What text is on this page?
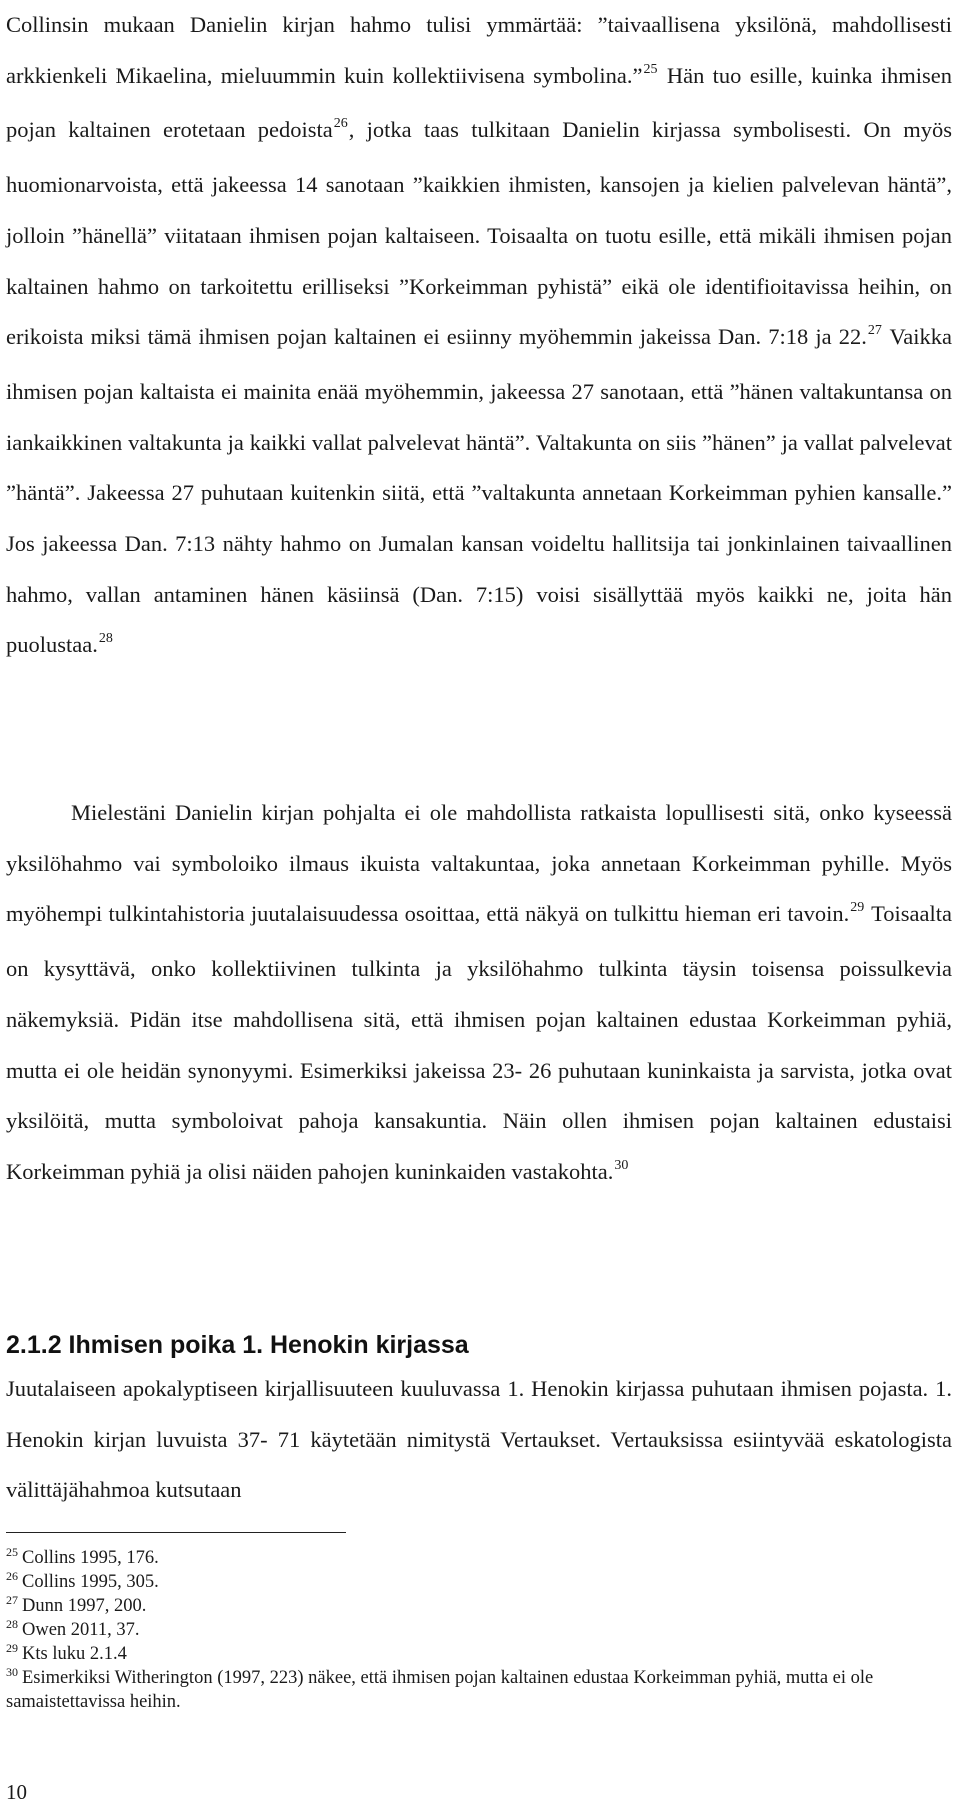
Collinsin mukaan Danielin kirjan hahmo tulisi ymmärtää: ”taivaallisena yksilönä, mahdollisesti arkkienkeli Mikaelina, mieluummin kuin kollektiivisena symbolina.”$^{25}$ Hän tuo esille, kuinka ihmisen pojan kaltainen erotetaan pedoista$^{26}$, jotka taas tulkitaan Danielin kirjassa symbolisesti. On myös huomionarvoista, että jakeessa 14 sanotaan ”kaikkien ihmisten, kansojen ja kielien palvelevan häntä”, jolloin ”hänellä” viitataan ihmisen pojan kaltaiseen. Toisaalta on tuotu esille, että mikäli ihmisen pojan kaltainen hahmo on tarkoitettu erilliseksi ”Korkeimman pyhistä” eikä ole identifioitavissa heihin, on erikoista miksi tämä ihmisen pojan kaltainen ei esiinny myöhemmin jakeissa Dan. 7:18 ja 22.27 Vaikka ihmisen pojan kaltaista ei mainita enää myöhemmin, jakeessa 27 sanotaan, että ”hänen valtakuntansa on iankaikkinen valtakunta ja kaikki vallat palvelevat häntä”. Valtakunta on siis ”hänen” ja vallat palvelevat ”häntä”. Jakeessa 27 puhutaan kuitenkin siitä, että ”valtakunta annetaan Korkeimman pyhien kansalle.” Jos jakeessa Dan. 7:13 nähty hahmo on Jumalan kansan voideltu hallitsija tai jonkinlainen taivaallinen hahmo, vallan antaminen hänen käsiinsä (Dan. 7:15) voisi sisällyttää myös kaikki ne, joita hän puolustaa.$^{28}$

Mielestäni Danielin kirjan pohjalta ei ole mahdollista ratkaista lopullisesti sitä, onko kyseessä yksilöhahmo vai symboloiko ilmaus ikuista valtakuntaa, joka annetaan Korkeimman pyhille. Myös myöhempi tulkintahistoria juutalaisuudessa osoittaa, että näkyä on tulkittu hieman eri tavoin.$^{29}$ Toisaalta on kysyttävä, onko kollektiivinen tulkinta ja yksilöhahmo tulkinta täysin toisensa poissulkevia näkemyksiä. Pidän itse mahdollisena sitä, että ihmisen pojan kaltainen edustaa Korkeimman pyhiä, mutta ei ole heidän synonyymi. Esimerkiksi jakeissa 23- 26 puhutaan kuninkaista ja sarvista, jotka ovat yksilöitä, mutta symboloivat pahoja kansakuntia. Näin ollen ihmisen pojan kaltainen edustaisi Korkeimman pyhiä ja olisi näiden pahojen kuninkaiden vastakohta.$^{30}$

2.1.2 Ihmisen poika 1. Henokin kirjassa

Juutalaiseen apokalyptiseen kirjallisuuteen kuuluvassa 1. Henokin kirjassa puhutaan ihmisen pojasta. 1. Henokin kirjan luvuista 37- 71 käytetään nimitystä Vertaukset. Vertauksissa esiintyvää eskatologista välittäjähahmoa kutsutaan

$^{25}$ Collins 1995, 176.
$^{26}$ Collins 1995, 305.
$^{27}$ Dunn 1997, 200.
$^{28}$ Owen 2011, 37.
$^{29}$ Kts luku 2.1.4
$^{30}$ Esimerkiksi Witherington (1997, 223) näkee, että ihmisen pojan kaltainen edustaa Korkeimman pyhiä, mutta ei ole samaistettavissa heihin.
10
